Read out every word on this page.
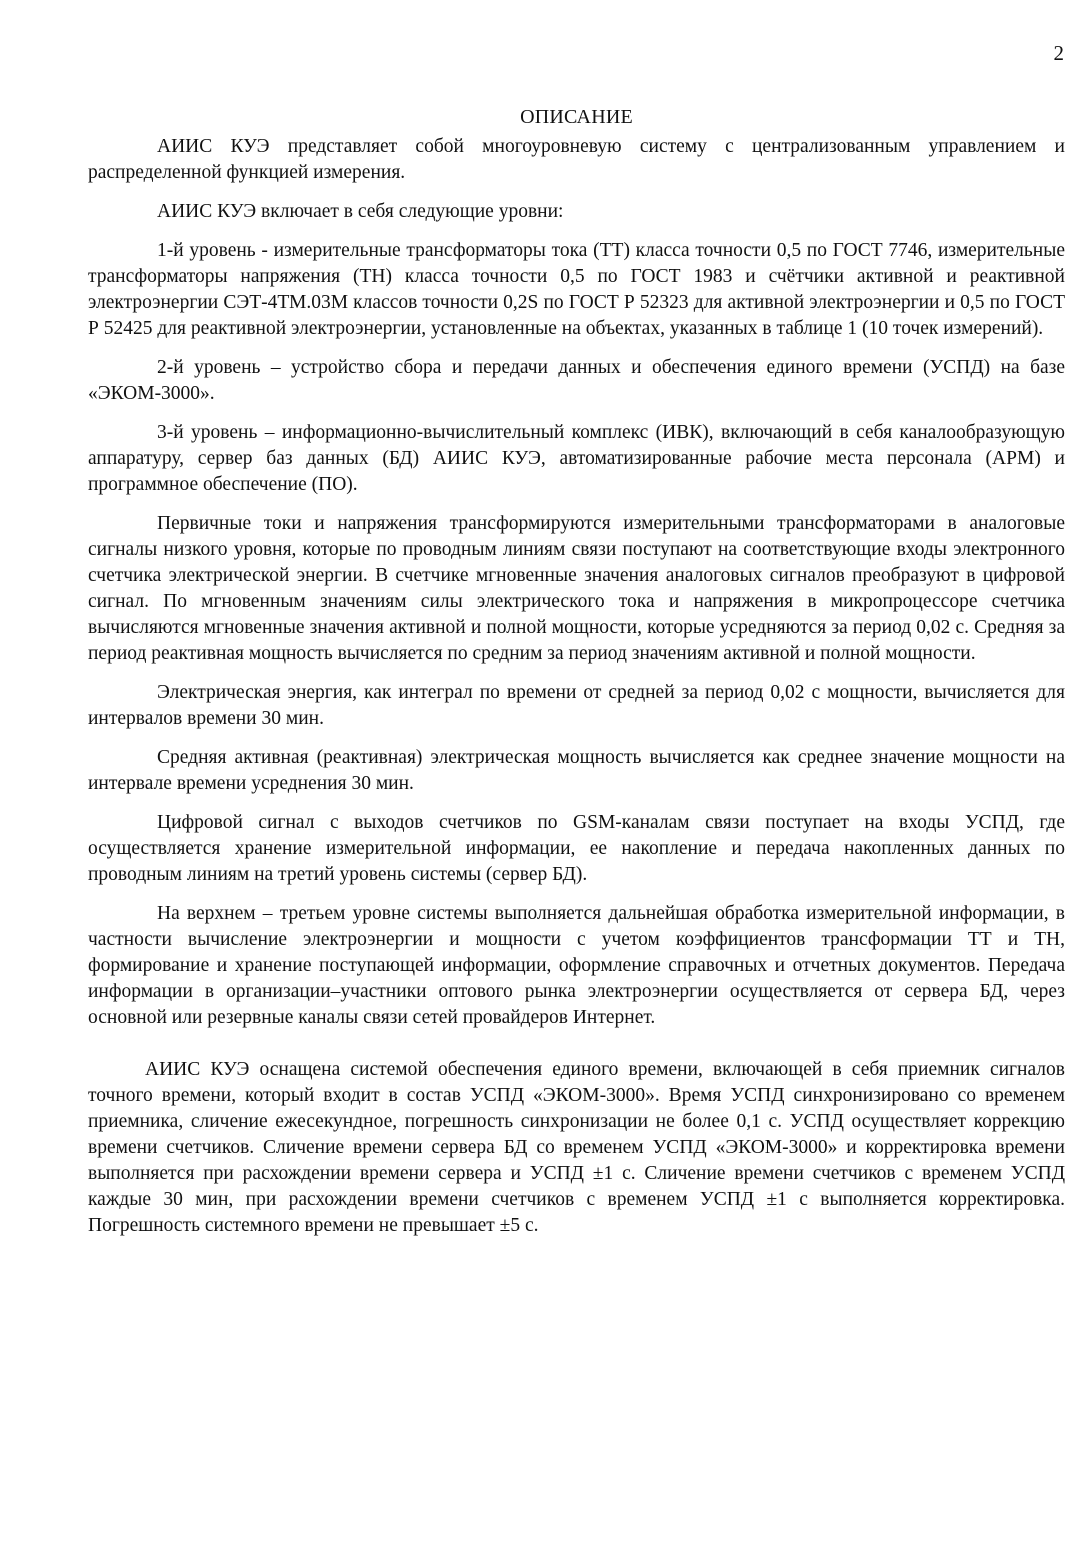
2
ОПИСАНИЕ

АИИС КУЭ представляет собой многоуровневую систему с централизованным управлением и распределенной функцией измерения.

АИИС КУЭ включает в себя следующие уровни:

1-й уровень - измерительные трансформаторы тока (ТТ) класса точности 0,5 по ГОСТ 7746, измерительные трансформаторы напряжения (ТН) класса точности 0,5 по ГОСТ 1983 и счётчики активной и реактивной электроэнергии СЭТ-4ТМ.03М классов точности 0,2S по ГОСТ Р 52323 для активной электроэнергии и 0,5 по ГОСТ Р 52425 для реактивной электроэнергии, установленные на объектах, указанных в таблице 1 (10 точек измерений).

2-й уровень – устройство сбора и передачи данных и обеспечения единого времени (УСПД) на базе «ЭКОМ-3000».

3-й уровень – информационно-вычислительный комплекс (ИВК), включающий в себя каналообразующую аппаратуру, сервер баз данных (БД) АИИС КУЭ, автоматизированные рабочие места персонала (АРМ) и программное обеспечение (ПО).

Первичные токи и напряжения трансформируются измерительными трансформаторами в аналоговые сигналы низкого уровня, которые по проводным линиям связи поступают на соответствующие входы электронного счетчика электрической энергии. В счетчике мгновенные значения аналоговых сигналов преобразуют в цифровой сигнал. По мгновенным значениям силы электрического тока и напряжения в микропроцессоре счетчика вычисляются мгновенные значения активной и полной мощности, которые усредняются за период 0,02 с. Средняя за период реактивная мощность вычисляется по средним за период значениям активной и полной мощности.

Электрическая энергия, как интеграл по времени от средней за период 0,02 с мощности, вычисляется для интервалов времени 30 мин.

Средняя активная (реактивная) электрическая мощность вычисляется как среднее значение мощности на интервале времени усреднения 30 мин.

Цифровой сигнал с выходов счетчиков по GSM-каналам связи поступает на входы УСПД, где осуществляется хранение измерительной информации, ее накопление и передача накопленных данных по проводным линиям на третий уровень системы (сервер БД).

На верхнем – третьем уровне системы выполняется дальнейшая обработка измерительной информации, в частности вычисление электроэнергии и мощности с учетом коэффициентов трансформации ТТ и ТН, формирование и хранение поступающей информации, оформление справочных и отчетных документов. Передача информации в организации–участники оптового рынка электроэнергии осуществляется от сервера БД, через основной или резервные каналы связи сетей провайдеров Интернет.

АИИС КУЭ оснащена системой обеспечения единого времени, включающей в себя приемник сигналов точного времени, который входит в состав УСПД «ЭКОМ-3000». Время УСПД синхронизировано со временем приемника, сличение ежесекундное, погрешность синхронизации не более 0,1 с. УСПД осуществляет коррекцию времени счетчиков. Сличение времени сервера БД со временем УСПД «ЭКОМ-3000» и корректировка времени выполняется при расхождении времени сервера и УСПД ±1 с. Сличение времени счетчиков с временем УСПД каждые 30 мин, при расхождении времени счетчиков с временем УСПД ±1 с выполняется корректировка. Погрешность системного времени не превышает ±5 с.
